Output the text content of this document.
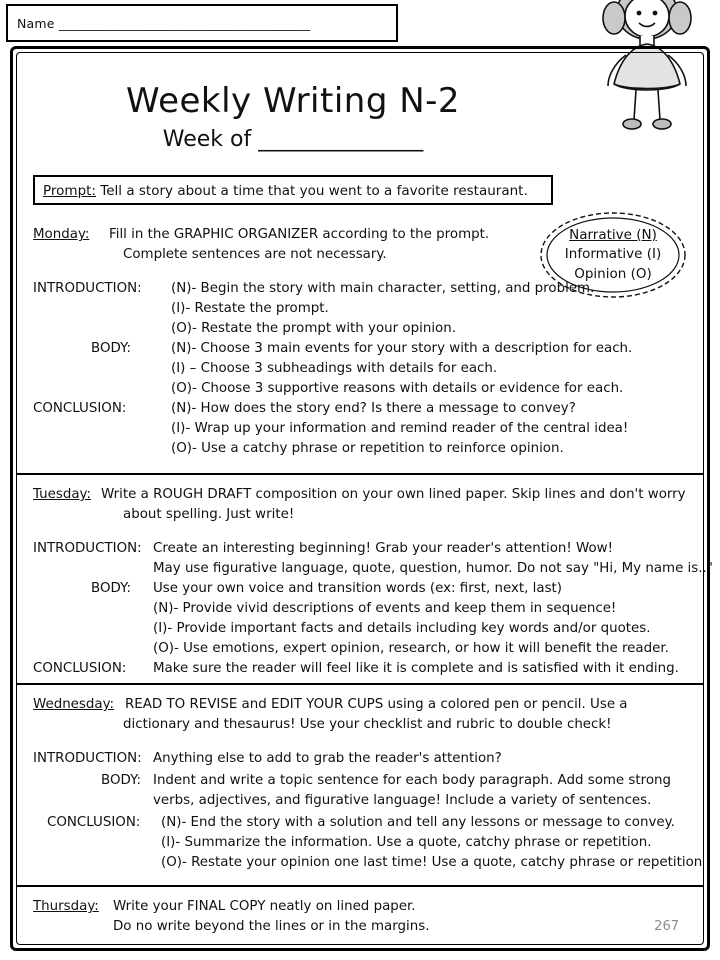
Name _______________________________________
Weekly Writing N-2
Week of _______________
Narrative (N)
Informative (I)
Opinion (O)
Prompt: Tell a story about a time that you went to a favorite restaurant.
Monday: Fill in the GRAPHIC ORGANIZER according to the prompt.
Complete sentences are not necessary.
INTRODUCTION: (N)- Begin the story with main character, setting, and problem.
(I)- Restate the prompt.
(O)- Restate the prompt with your opinion.
BODY:	(N)- Choose 3 main events for your story with a description for each.
(I) – Choose 3 subheadings with details for each.
(O)- Choose 3 supportive reasons with details or evidence for each.
CONCLUSION:	(N)- How does the story end? Is there a message to convey?
(I)- Wrap up your information and remind reader of the central idea!
(O)- Use a catchy phrase or repetition to reinforce opinion.
Tuesday: Write a ROUGH DRAFT composition on your own lined paper. Skip lines and don't worry
about spelling. Just write!
INTRODUCTION: Create an interesting beginning! Grab your reader's attention! Wow!
May use figurative language, quote, question, humor. Do not say "Hi, My name is.."
BODY: Use your own voice and transition words (ex: first, next, last)
(N)- Provide vivid descriptions of events and keep them in sequence!
(I)- Provide important facts and details including key words and/or quotes.
(O)- Use emotions, expert opinion, research, or how it will benefit the reader.
CONCLUSION: Make sure the reader will feel like it is complete and is satisfied with it ending.
Wednesday: READ TO REVISE and EDIT YOUR CUPS using a colored pen or pencil. Use a
dictionary and thesaurus! Use your checklist and rubric to double check!
INTRODUCTION: Anything else to add to grab the reader's attention?
BODY: Indent and write a topic sentence for each body paragraph. Add some strong
verbs, adjectives, and figurative language! Include a variety of sentences.
CONCLUSION: (N)- End the story with a solution and tell any lessons or message to convey.
(I)- Summarize the information. Use a quote, catchy phrase or repetition.
(O)- Restate your opinion one last time! Use a quote, catchy phrase or repetition
Thursday: Write your FINAL COPY neatly on lined paper.
Do no write beyond the lines or in the margins.	267
